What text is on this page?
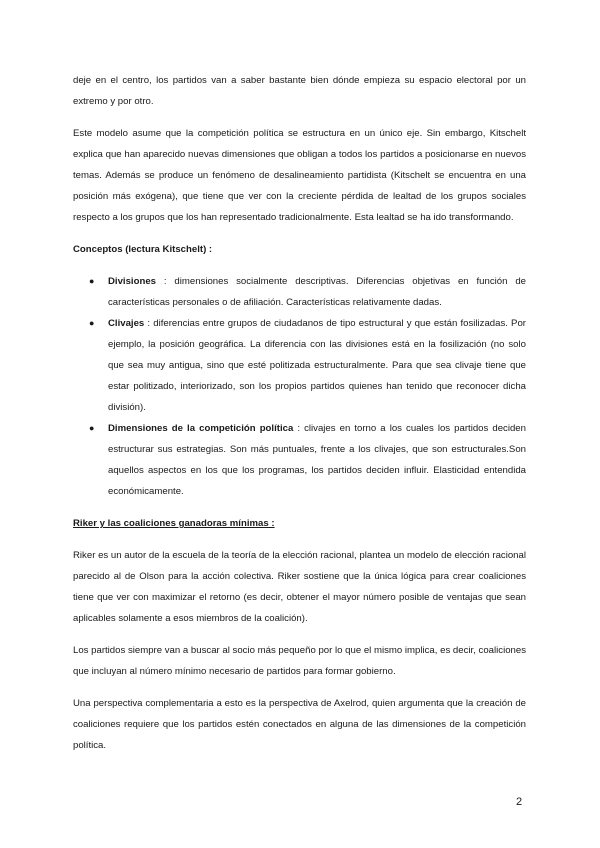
deje en el centro, los partidos van a saber bastante bien dónde empieza su espacio electoral por un extremo y por otro.

Este modelo asume que la competición política se estructura en un único eje. Sin embargo, Kitschelt explica que han aparecido nuevas dimensiones que obligan a todos los partidos a posicionarse en nuevos temas. Además se produce un fenómeno de desalineamiento partidista (Kitschelt se encuentra en una posición más exógena), que tiene que ver con la creciente pérdida de lealtad de los grupos sociales respecto a los grupos que los han representado tradicionalmente. Esta lealtad se ha ido transformando.

Conceptos (lectura Kitschelt) :

● Divisiones : dimensiones socialmente descriptivas. Diferencias objetivas en función de características personales o de afiliación. Características relativamente dadas.
● Clivajes : diferencias entre grupos de ciudadanos de tipo estructural y que están fosilizadas. Por ejemplo, la posición geográfica. La diferencia con las divisiones está en la fosilización (no solo que sea muy antigua, sino que esté politizada estructuralmente. Para que sea clivaje tiene que estar politizado, interiorizado, son los propios partidos quienes han tenido que reconocer dicha división).
● Dimensiones de la competición política : clivajes en torno a los cuales los partidos deciden estructurar sus estrategias. Son más puntuales, frente a los clivajes, que son estructurales.Son aquellos aspectos en los que los programas, los partidos deciden influir. Elasticidad entendida económicamente.

Riker y las coaliciones ganadoras mínimas :

Riker es un autor de la escuela de la teoría de la elección racional, plantea un modelo de elección racional parecido al de Olson para la acción colectiva. Riker sostiene que la única lógica para crear coaliciones tiene que ver con maximizar el retorno (es decir, obtener el mayor número posible de ventajas que sean aplicables solamente a esos miembros de la coalición).

Los partidos siempre van a buscar al socio más pequeño por lo que el mismo implica, es decir, coaliciones que incluyan al número mínimo necesario de partidos para formar gobierno.

Una perspectiva complementaria a esto es la perspectiva de Axelrod, quien argumenta que la creación de coaliciones requiere que los partidos estén conectados en alguna de las dimensiones de la competición política.

2
